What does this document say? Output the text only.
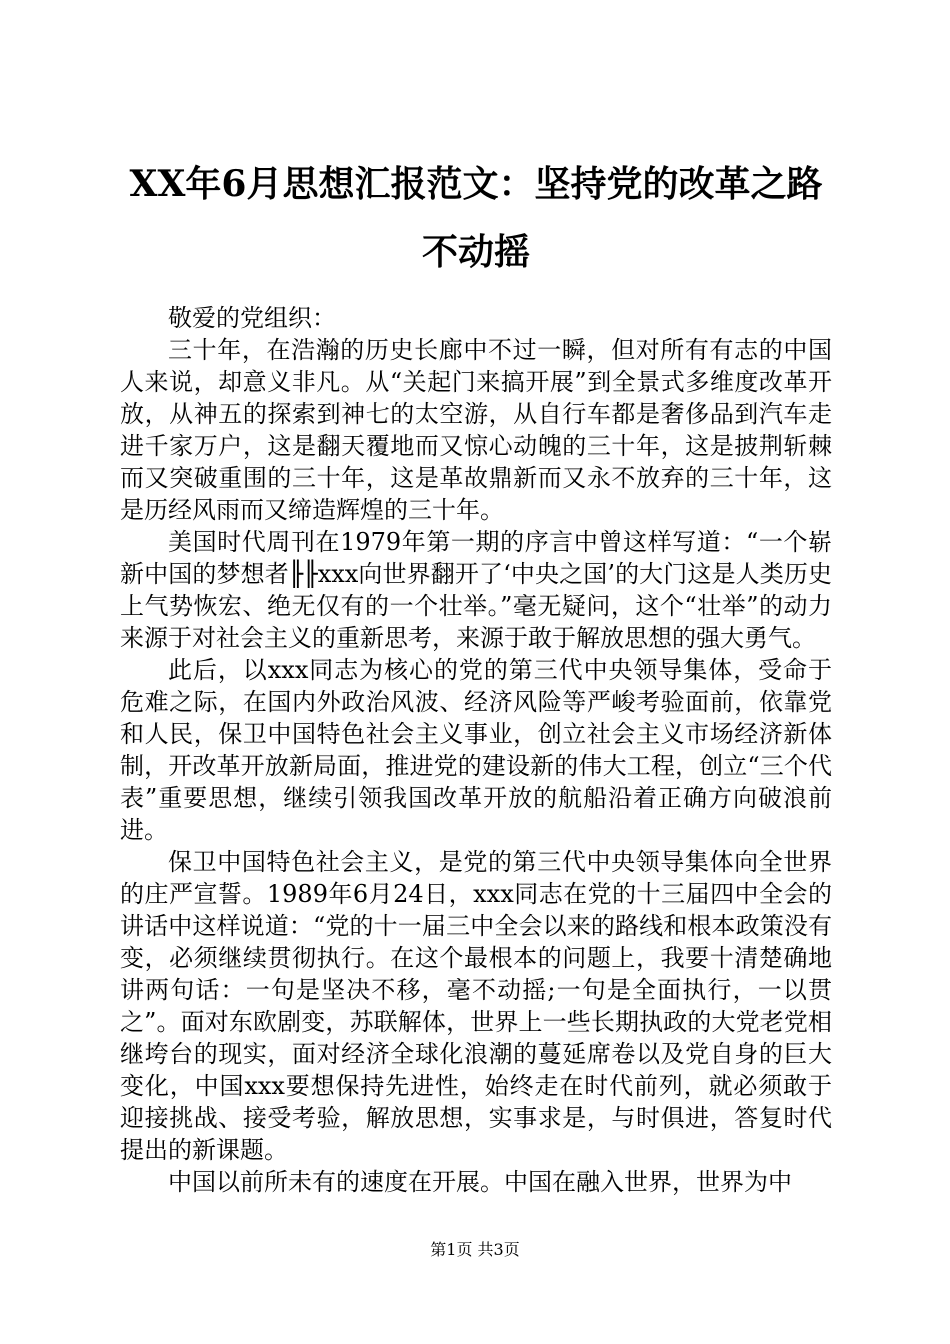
XX年6月思想汇报范文：坚持党的改革之路不动摇

敬爱的党组织：

三十年，在浩瀚的历史长廊中不过一瞬，但对所有有志的中国人来说，却意义非凡。从“关起门来搞开展”到全景式多维度改革开放，从神五的探索到神七的太空游，从自行车都是奢侈品到汽车走进千家万户，这是翻天覆地而又惊心动魄的三十年，这是披荆斩棘而又突破重围的三十年，这是革故鼎新而又永不放弃的三十年，这是历经风雨而又缔造辉煌的三十年。

美国时代周刊在1979年第一期的序言中曾这样写道：“一个崭新中国的梦想者╟╟xxx向世界翻开了‘中央之国’的大门这是人类历史上气势恢宏、绝无仅有的一个壮举。”毫无疑问，这个“壮举”的动力来源于对社会主义的重新思考，来源于敢于解放思想的强大勇气。

此后，以xxx同志为核心的党的第三代中央领导集体，受命于危难之际，在国内外政治风波、经济风险等严峻考验面前，依靠党和人民，保卫中国特色社会主义事业，创立社会主义市场经济新体制，开改革开放新局面，推进党的建设新的伟大工程，创立“三个代表”重要思想，继续引领我国改革开放的航船沿着正确方向破浪前进。

保卫中国特色社会主义，是党的第三代中央领导集体向全世界的庄严宣誓。1989年6月24日，xxx同志在党的十三届四中全会的讲话中这样说道：“党的十一届三中全会以来的路线和根本政策没有变，必须继续贯彻执行。在这个最根本的问题上，我要十清楚确地讲两句话：一句是坚决不移，毫不动摇;一句是全面执行，一以贯之”。面对东欧剧变，苏联解体，世界上一些长期执政的大党老党相继垮台的现实，面对经济全球化浪潮的蔓延席卷以及党自身的巨大变化，中国xxx要想保持先进性，始终走在时代前列，就必须敢于迎接挑战、接受考验，解放思想，实事求是，与时俱进，答复时代提出的新课题。

中国以前所未有的速度在开展。中国在融入世界，世界为中

第1页 共3页
